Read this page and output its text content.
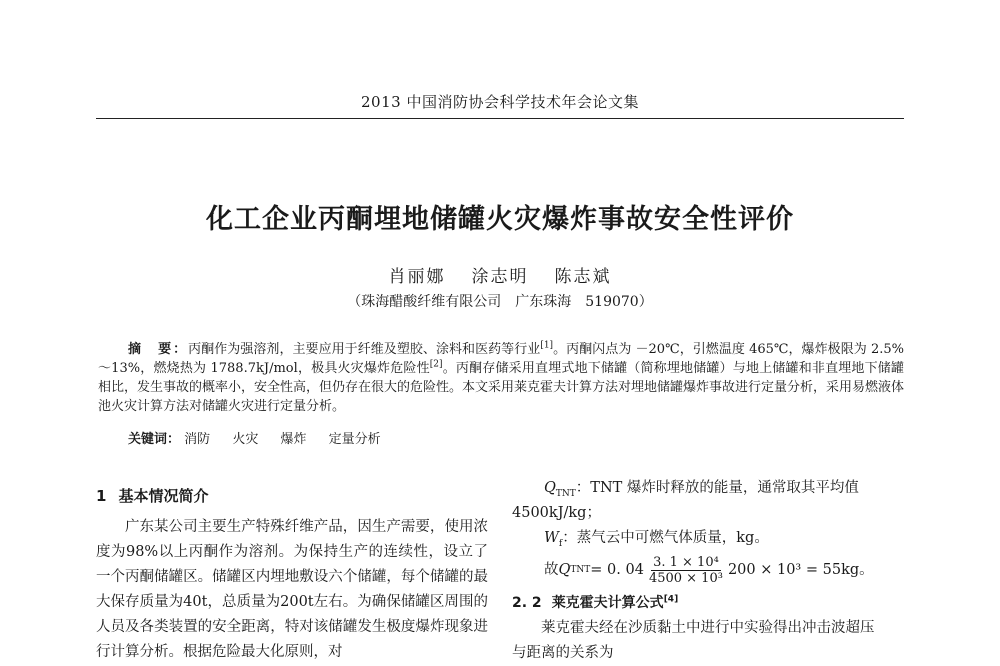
2013 中国消防协会科学技术年会论文集
化工企业丙酮埋地储罐火灾爆炸事故安全性评价
肖丽娜 涂志明 陈志斌
（珠海醋酸纤维有限公司　广东珠海　519070）
摘　要：丙酮作为强溶剂，主要应用于纤维及塑胶、涂料和医药等行业[1]。丙酮闪点为 －20℃，引燃温度 465℃，爆炸极限为 2.5% ～13%，燃烧热为 1788.7kJ/mol，极具火灾爆炸危险性[2]。丙酮存储采用直埋式地下储罐（简称埋地储罐）与地上储罐和非直埋地下储罐相比，发生事故的概率小，安全性高，但仍存在很大的危险性。本文采用莱克霍夫计算方法对埋地储罐爆炸事故进行定量分析，采用易燃液体池火灾计算方法对储罐火灾进行定量分析。
关键词： 消防 火灾 爆炸 定量分析
1 基本情况简介

广东某公司主要生产特殊纤维产品，因生产需要，使用浓度为98%以上丙酮作为溶剂。为保持生产的连续性，设立了一个丙酮储罐区。储罐区内埋地敷设六个储罐，每个储罐的最大保存质量为40t，总质量为200t左右。为确保储罐区周围的人员及各类装置的安全距离，特对该储罐发生极度爆炸现象进行计算分析。根据危险最大化原则，对

$Q_{TNT}$：TNT 爆炸时释放的能量，通常取其平均值

4500kJ/kg；

$W_f$：蒸气云中可燃气体质量，kg。

故 Q TNT = 0. $04 \frac{\text{3. 1 × 10⁴}}{\text{4500 × 10³}} 200 \times 10^3 = 55kg$。
2. 2 莱克霍夫计算公式[4]

莱克霍夫经在沙质黏土中进行中实验得出冲击波超压
与距离的关系为
